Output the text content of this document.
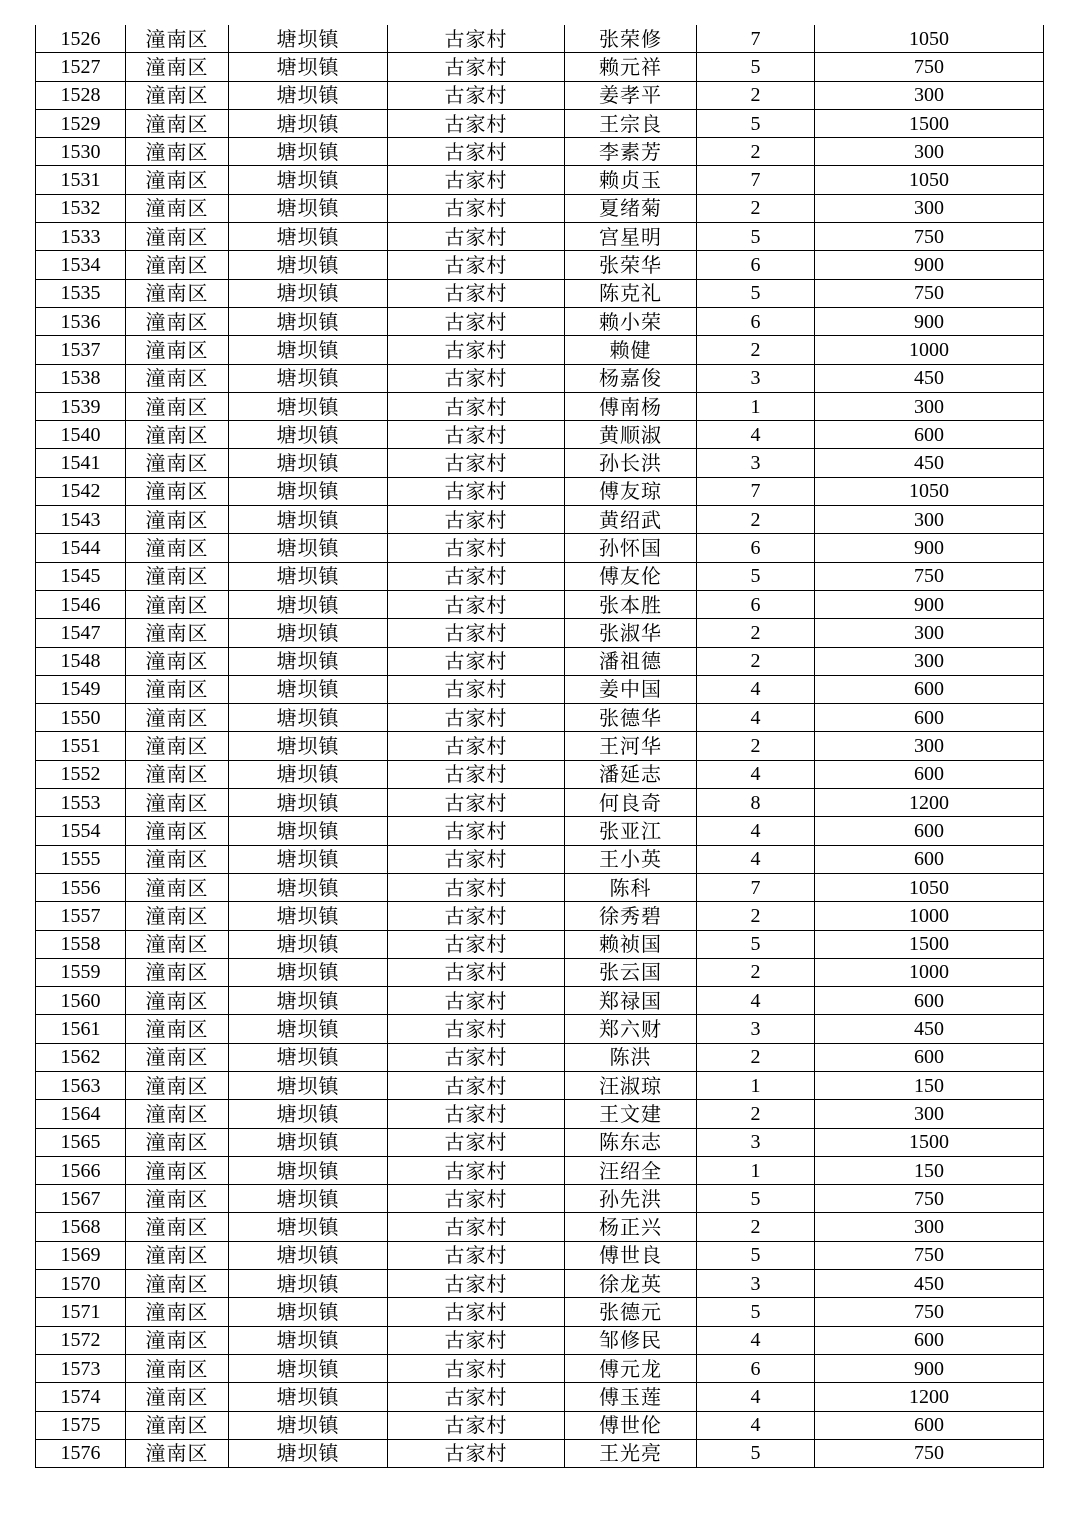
1526	潼南区	塘坝镇	古家村	张荣修	7	1050
1527	潼南区	塘坝镇	古家村	赖元祥	5	750
1528	潼南区	塘坝镇	古家村	姜孝平	2	300
1529	潼南区	塘坝镇	古家村	王宗良	5	1500
1530	潼南区	塘坝镇	古家村	李素芳	2	300
1531	潼南区	塘坝镇	古家村	赖贞玉	7	1050
1532	潼南区	塘坝镇	古家村	夏绪菊	2	300
1533	潼南区	塘坝镇	古家村	宫星明	5	750
1534	潼南区	塘坝镇	古家村	张荣华	6	900
1535	潼南区	塘坝镇	古家村	陈克礼	5	750
1536	潼南区	塘坝镇	古家村	赖小荣	6	900
1537	潼南区	塘坝镇	古家村	赖健	2	1000
1538	潼南区	塘坝镇	古家村	杨嘉俊	3	450
1539	潼南区	塘坝镇	古家村	傅南杨	1	300
1540	潼南区	塘坝镇	古家村	黄顺淑	4	600
1541	潼南区	塘坝镇	古家村	孙长洪	3	450
1542	潼南区	塘坝镇	古家村	傅友琼	7	1050
1543	潼南区	塘坝镇	古家村	黄绍武	2	300
1544	潼南区	塘坝镇	古家村	孙怀国	6	900
1545	潼南区	塘坝镇	古家村	傅友伦	5	750
1546	潼南区	塘坝镇	古家村	张本胜	6	900
1547	潼南区	塘坝镇	古家村	张淑华	2	300
1548	潼南区	塘坝镇	古家村	潘祖德	2	300
1549	潼南区	塘坝镇	古家村	姜中国	4	600
1550	潼南区	塘坝镇	古家村	张德华	4	600
1551	潼南区	塘坝镇	古家村	王河华	2	300
1552	潼南区	塘坝镇	古家村	潘延志	4	600
1553	潼南区	塘坝镇	古家村	何良奇	8	1200
1554	潼南区	塘坝镇	古家村	张亚江	4	600
1555	潼南区	塘坝镇	古家村	王小英	4	600
1556	潼南区	塘坝镇	古家村	陈科	7	1050
1557	潼南区	塘坝镇	古家村	徐秀碧	2	1000
1558	潼南区	塘坝镇	古家村	赖祯国	5	1500
1559	潼南区	塘坝镇	古家村	张云国	2	1000
1560	潼南区	塘坝镇	古家村	郑禄国	4	600
1561	潼南区	塘坝镇	古家村	郑六财	3	450
1562	潼南区	塘坝镇	古家村	陈洪	2	600
1563	潼南区	塘坝镇	古家村	汪淑琼	1	150
1564	潼南区	塘坝镇	古家村	王文建	2	300
1565	潼南区	塘坝镇	古家村	陈东志	3	1500
1566	潼南区	塘坝镇	古家村	汪绍全	1	150
1567	潼南区	塘坝镇	古家村	孙先洪	5	750
1568	潼南区	塘坝镇	古家村	杨正兴	2	300
1569	潼南区	塘坝镇	古家村	傅世良	5	750
1570	潼南区	塘坝镇	古家村	徐龙英	3	450
1571	潼南区	塘坝镇	古家村	张德元	5	750
1572	潼南区	塘坝镇	古家村	邹修民	4	600
1573	潼南区	塘坝镇	古家村	傅元龙	6	900
1574	潼南区	塘坝镇	古家村	傅玉莲	4	1200
1575	潼南区	塘坝镇	古家村	傅世伦	4	600
1576	潼南区	塘坝镇	古家村	王光亮	5	750
